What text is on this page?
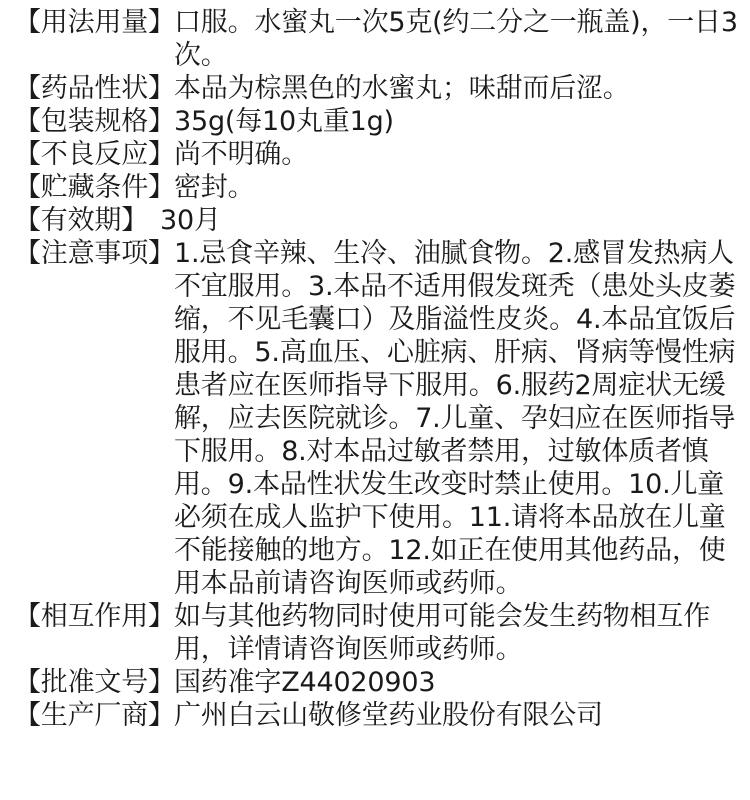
【用法用量】 口服。水蜜丸一次5克(约二分之一瓶盖)，一日3次。
【药品性状】 本品为棕黑色的水蜜丸；味甜而后涩。
【包装规格】 35g(每10丸重1g)
【不良反应】 尚不明确。
【贮藏条件】 密封。
【有效期】 30月
【注意事项】 1.忌食辛辣、生冷、油腻食物。2.感冒发热病人不宜服用。3.本品不适用假发斑秃（患处头皮萎缩，不见毛囊口）及脂溢性皮炎。4.本品宜饭后服用。5.高血压、心脏病、肝病、肾病等慢性病患者应在医师指导下服用。6.服药2周症状无缓解，应去医院就诊。7.儿童、孕妇应在医师指导下服用。8.对本品过敏者禁用，过敏体质者慎用。9.本品性状发生改变时禁止使用。10.儿童必须在成人监护下使用。11.请将本品放在儿童不能接触的地方。12.如正在使用其他药品，使用本品前请咨询医师或药师。
【相互作用】 如与其他药物同时使用可能会发生药物相互作用，详情请咨询医师或药师。
【批准文号】 国药准字Z44020903
【生产厂商】 广州白云山敬修堂药业股份有限公司
